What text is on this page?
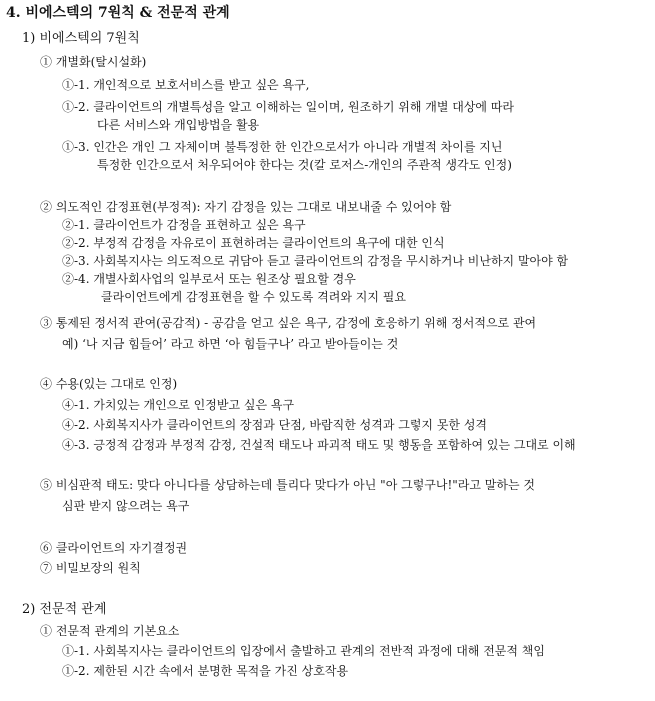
4. 비에스텍의 7원칙 & 전문적 관계
1) 비에스텍의 7원칙
① 개별화(탈시설화)
①-1. 개인적으로 보호서비스를 받고 싶은 욕구,
①-2. 클라이언트의 개별특성을 알고 이해하는 일이며, 원조하기 위해 개별 대상에 따라
다른 서비스와 개입방법을 활용
①-3. 인간은 개인 그 자체이며 불특정한 한 인간으로서가 아니라 개별적 차이를 지닌
특정한 인간으로서 처우되어야 한다는 것(칼 로저스-개인의 주관적 생각도 인정)
② 의도적인 감정표현(부정적): 자기 감정을 있는 그대로 내보내줄 수 있어야 함
②-1. 클라이언트가 감정을 표현하고 싶은 욕구
②-2. 부정적 감정을 자유로이 표현하려는 클라이언트의 욕구에 대한 인식
②-3. 사회복지사는 의도적으로 귀담아 듣고 클라이언트의 감정을 무시하거나 비난하지 말아야 함
②-4. 개별사회사업의 일부로서 또는 원조상 필요할 경우
클라이언트에게 감정표현을 할 수 있도록 격려와 지지 필요
③ 통제된 정서적 관여(공감적) - 공감을 얻고 싶은 욕구, 감정에 호응하기 위해 정서적으로 관여
예) ‘나 지금 힘들어’ 라고 하면 ‘아 힘들구나’ 라고 받아들이는 것
④ 수용(있는 그대로 인정)
④-1. 가치있는 개인으로 인정받고 싶은 욕구
④-2. 사회복지사가 클라이언트의 장점과 단점, 바람직한 성격과 그렇지 못한 성격
④-3. 긍정적 감정과 부정적 감정, 건설적 태도나 파괴적 태도 및 행동을 포함하여 있는 그대로 이해
⑤ 비심판적 태도: 맞다 아니다를 상담하는데 틀리다 맞다가 아닌 "아 그렇구나!"라고 말하는 것
심판 받지 않으려는 욕구
⑥ 클라이언트의 자기결정권
⑦ 비밀보장의 원칙
2) 전문적 관계
① 전문적 관계의 기본요소
①-1. 사회복지사는 클라이언트의 입장에서 출발하고 관계의 전반적 과정에 대해 전문적 책임
①-2. 제한된 시간 속에서 분명한 목적을 가진 상호작용
